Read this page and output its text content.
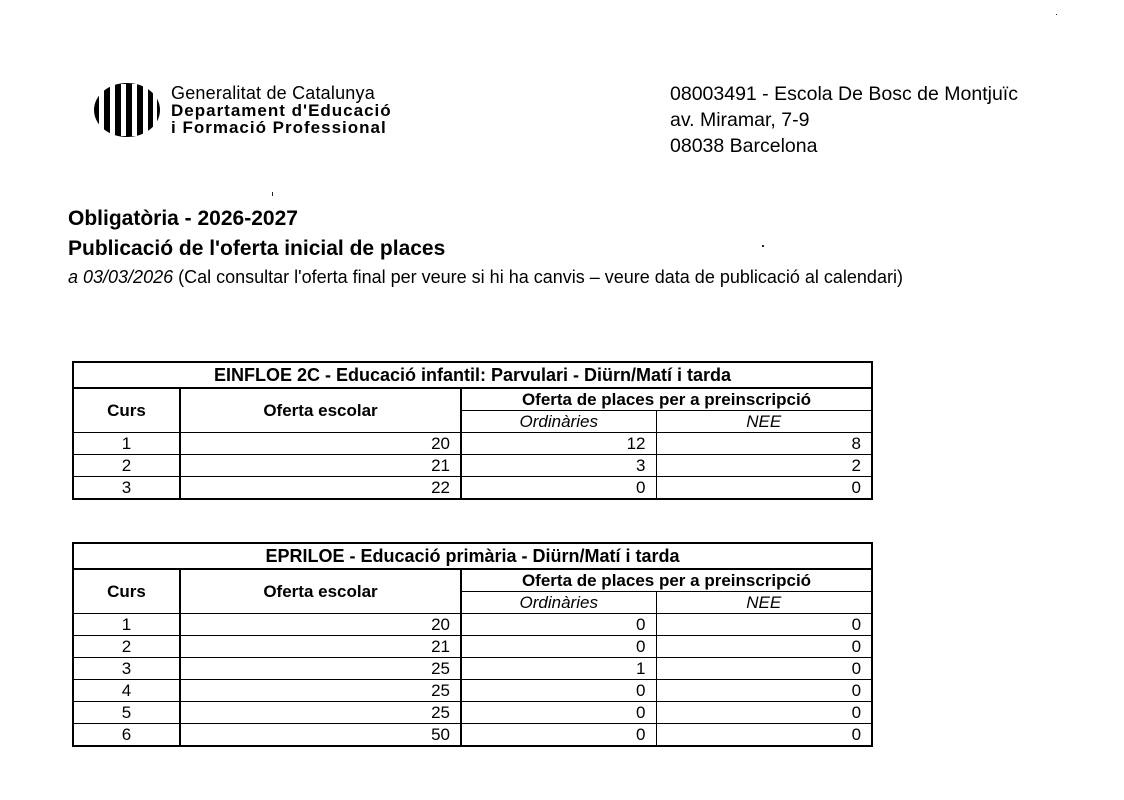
Generalitat de Catalunya
Departament d'Educació
i Formació Professional
08003491 - Escola De Bosc de Montjuïc
av. Miramar, 7-9
08038 Barcelona

Obligatòria - 2026-2027

Publicació de l'oferta inicial de places

a 03/03/2026 (Cal consultar l'oferta final per veure si hi ha canvis – veure data de publicació al calendari)

EINFLOE 2C - Educació infantil: Parvulari - Diürn/Matí i tarda			
Curs	Oferta escolar	Oferta de places per a preinscripció	
		Ordinàries	NEE
1	20	12	8
2	21	3	2
3	22	0	0
EPRILOE - Educació primària - Diürn/Matí i tarda			
Curs	Oferta escolar	Oferta de places per a preinscripció	
		Ordinàries	NEE
1	20	0	0
2	21	0	0
3	25	1	0
4	25	0	0
5	25	0	0
6	50	0	0
